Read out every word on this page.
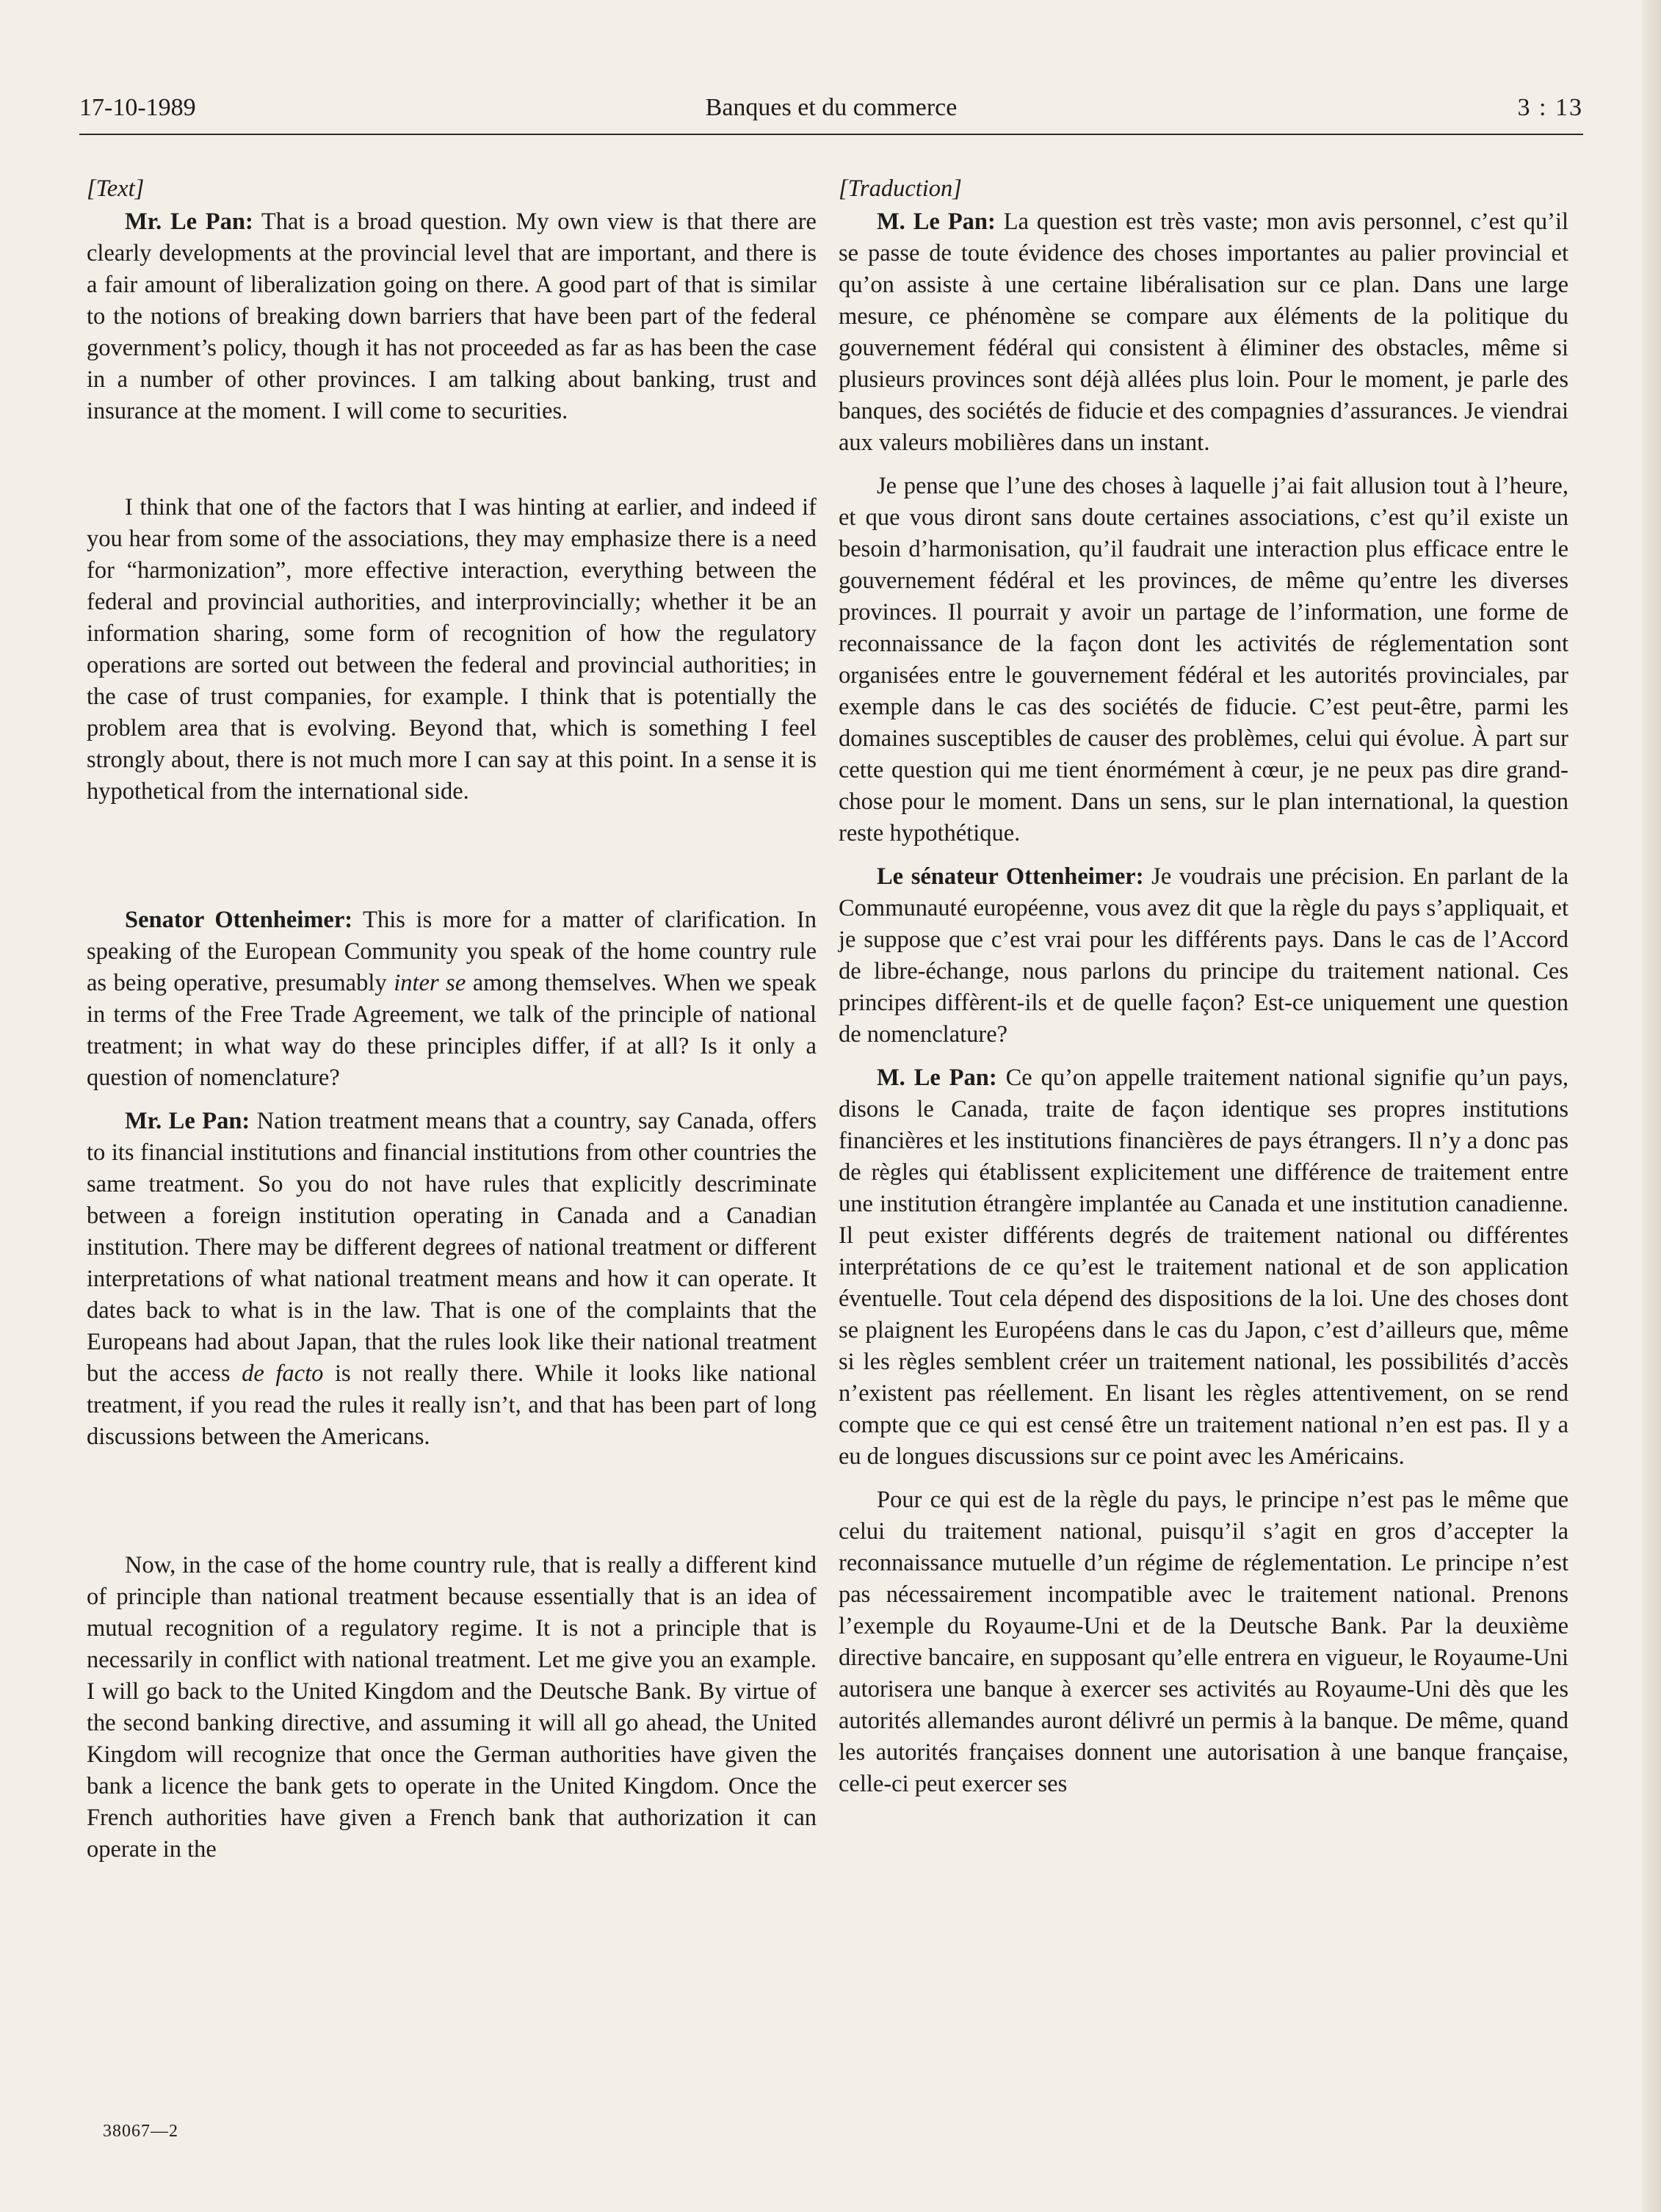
17-10-1989	Banques et du commerce	3 : 13
[Text]

Mr. Le Pan: That is a broad question. My own view is that there are clearly developments at the provincial level that are important, and there is a fair amount of liberalization going on there. A good part of that is similar to the notions of breaking down barriers that have been part of the federal government’s policy, though it has not proceeded as far as has been the case in a number of other provinces. I am talking about banking, trust and insurance at the moment. I will come to securities.

I think that one of the factors that I was hinting at earlier, and indeed if you hear from some of the associations, they may emphasize there is a need for “harmonization”, more effective interaction, everything between the federal and provincial authorities, and interprovincially; whether it be an information sharing, some form of recognition of how the regulatory operations are sorted out between the federal and provincial authorities; in the case of trust companies, for example. I think that is potentially the problem area that is evolving. Beyond that, which is something I feel strongly about, there is not much more I can say at this point. In a sense it is hypothetical from the international side.

Senator Ottenheimer: This is more for a matter of clarification. In speaking of the European Community you speak of the home country rule as being operative, presumably inter se among themselves. When we speak in terms of the Free Trade Agreement, we talk of the principle of national treatment; in what way do these principles differ, if at all? Is it only a question of nomenclature?

Mr. Le Pan: Nation treatment means that a country, say Canada, offers to its financial institutions and financial institutions from other countries the same treatment. So you do not have rules that explicitly descriminate between a foreign institution operating in Canada and a Canadian institution. There may be different degrees of national treatment or different interpretations of what national treatment means and how it can operate. It dates back to what is in the law. That is one of the complaints that the Europeans had about Japan, that the rules look like their national treatment but the access de facto is not really there. While it looks like national treatment, if you read the rules it really isn’t, and that has been part of long discussions between the Americans.

Now, in the case of the home country rule, that is really a different kind of principle than national treatment because essentially that is an idea of mutual recognition of a regulatory regime. It is not a principle that is necessarily in conflict with national treatment. Let me give you an example. I will go back to the United Kingdom and the Deutsche Bank. By virtue of the second banking directive, and assuming it will all go ahead, the United Kingdom will recognize that once the German authorities have given the bank a licence the bank gets to operate in the United Kingdom. Once the French authorities have given a French bank that authorization it can operate in the

[Traduction]

M. Le Pan: La question est très vaste; mon avis personnel, c’est qu’il se passe de toute évidence des choses importantes au palier provincial et qu’on assiste à une certaine libéralisation sur ce plan. Dans une large mesure, ce phénomène se compare aux éléments de la politique du gouvernement fédéral qui consistent à éliminer des obstacles, même si plusieurs provinces sont déjà allées plus loin. Pour le moment, je parle des banques, des sociétés de fiducie et des compagnies d’assurances. Je viendrai aux valeurs mobilières dans un instant.

Je pense que l’une des choses à laquelle j’ai fait allusion tout à l’heure, et que vous diront sans doute certaines associations, c’est qu’il existe un besoin d’harmonisation, qu’il faudrait une interaction plus efficace entre le gouvernement fédéral et les provinces, de même qu’entre les diverses provinces. Il pourrait y avoir un partage de l’information, une forme de reconnaissance de la façon dont les activités de réglementation sont organisées entre le gouvernement fédéral et les autorités provinciales, par exemple dans le cas des sociétés de fiducie. C’est peut-être, parmi les domaines susceptibles de causer des problèmes, celui qui évolue. À part sur cette question qui me tient énormément à cœur, je ne peux pas dire grand-chose pour le moment. Dans un sens, sur le plan international, la question reste hypothétique.

Le sénateur Ottenheimer: Je voudrais une précision. En parlant de la Communauté européenne, vous avez dit que la règle du pays s’appliquait, et je suppose que c’est vrai pour les différents pays. Dans le cas de l’Accord de libre-échange, nous parlons du principe du traitement national. Ces principes diffèrent-ils et de quelle façon? Est-ce uniquement une question de nomenclature?

M. Le Pan: Ce qu’on appelle traitement national signifie qu’un pays, disons le Canada, traite de façon identique ses propres institutions financières et les institutions financières de pays étrangers. Il n’y a donc pas de règles qui établissent explicitement une différence de traitement entre une institution étrangère implantée au Canada et une institution canadienne. Il peut exister différents degrés de traitement national ou différentes interprétations de ce qu’est le traitement national et de son application éventuelle. Tout cela dépend des dispositions de la loi. Une des choses dont se plaignent les Européens dans le cas du Japon, c’est d’ailleurs que, même si les règles semblent créer un traitement national, les possibilités d’accès n’existent pas réellement. En lisant les règles attentivement, on se rend compte que ce qui est censé être un traitement national n’en est pas. Il y a eu de longues discussions sur ce point avec les Américains.

Pour ce qui est de la règle du pays, le principe n’est pas le même que celui du traitement national, puisqu’il s’agit en gros d’accepter la reconnaissance mutuelle d’un régime de réglementation. Le principe n’est pas nécessairement incompatible avec le traitement national. Prenons l’exemple du Royaume-Uni et de la Deutsche Bank. Par la deuxième directive bancaire, en supposant qu’elle entrera en vigueur, le Royaume-Uni autorisera une banque à exercer ses activités au Royaume-Uni dès que les autorités allemandes auront délivré un permis à la banque. De même, quand les autorités françaises donnent une autorisation à une banque française, celle-ci peut exercer ses

38067—2
